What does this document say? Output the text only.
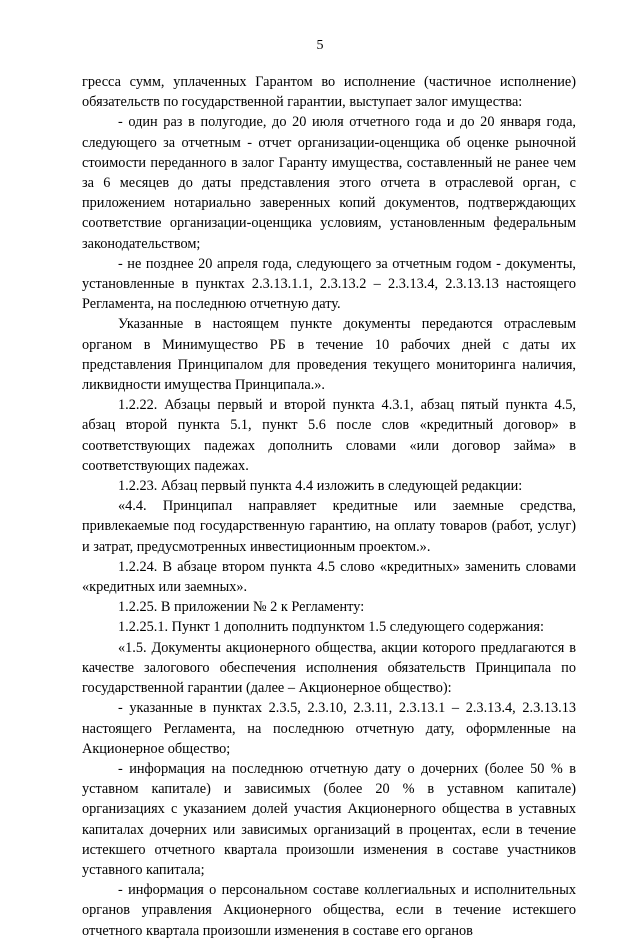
5

гресса сумм, уплаченных Гарантом во исполнение (частичное исполнение) обязательств по государственной гарантии, выступает залог имущества:

- один раз в полугодие, до 20 июля отчетного года и до 20 января года, следующего за отчетным - отчет организации-оценщика об оценке рыночной стоимости переданного в залог Гаранту имущества, составленный не ранее чем за 6 месяцев до даты представления этого отчета в отраслевой орган, с приложением нотариально заверенных копий документов, подтверждающих соответствие организации-оценщика условиям, установленным федеральным законодательством;

- не позднее 20 апреля года, следующего за отчетным годом - документы, установленные в пунктах 2.3.13.1.1, 2.3.13.2 – 2.3.13.4, 2.3.13.13 настоящего Регламента, на последнюю отчетную дату.

Указанные в настоящем пункте документы передаются отраслевым органом в Минимущество РБ в течение 10 рабочих дней с даты их представления Принципалом для проведения текущего мониторинга наличия, ликвидности имущества Принципала.».

1.2.22. Абзацы первый и второй пункта 4.3.1, абзац пятый пункта 4.5, абзац второй пункта 5.1, пункт 5.6 после слов «кредитный договор» в соответствующих падежах дополнить словами «или договор займа» в соответствующих падежах.

1.2.23. Абзац первый пункта 4.4 изложить в следующей редакции:

«4.4. Принципал направляет кредитные или заемные средства, привлекаемые под государственную гарантию, на оплату товаров (работ, услуг) и затрат, предусмотренных инвестиционным проектом.».

1.2.24. В абзаце втором пункта 4.5 слово «кредитных» заменить словами «кредитных или заемных».

1.2.25. В приложении № 2 к Регламенту:

1.2.25.1. Пункт 1 дополнить подпунктом 1.5 следующего содержания:

«1.5. Документы акционерного общества, акции которого предлагаются в качестве залогового обеспечения исполнения обязательств Принципала по государственной гарантии (далее – Акционерное общество):

- указанные в пунктах 2.3.5, 2.3.10, 2.3.11, 2.3.13.1 – 2.3.13.4, 2.3.13.13 настоящего Регламента, на последнюю отчетную дату, оформленные на Акционерное общество;

- информация на последнюю отчетную дату о дочерних (более 50 % в уставном капитале) и зависимых (более 20 % в уставном капитале) организациях с указанием долей участия Акционерного общества в уставных капиталах дочерних или зависимых организаций в процентах, если в течение истекшего отчетного квартала произошли изменения в составе участников уставного капитала;

- информация о персональном составе коллегиальных и исполнительных органов управления Акционерного общества, если в течение истекшего отчетного квартала произошли изменения в составе его органов
